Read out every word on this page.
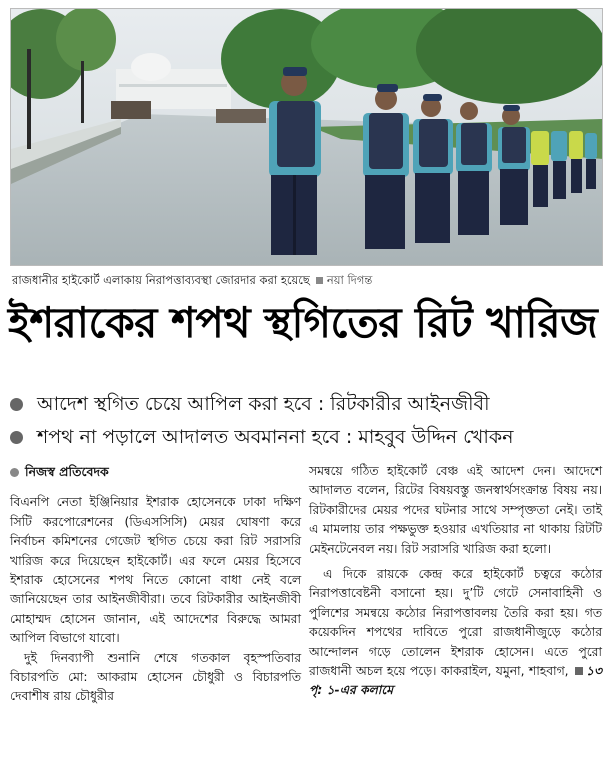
রাজধানীর হাইকোর্ট এলাকায় নিরাপত্তাব্যবস্থা জোরদার করা হয়েছে নয়া দিগন্ত
ইশরাকের শপথ স্থগিতের রিট খারিজ
আদেশ স্থগিত চেয়ে আপিল করা হবে : রিটকারীর আইনজীবী
শপথ না পড়ালে আদালত অবমাননা হবে : মাহবুব উদ্দিন খোকন
নিজস্ব প্রতিবেদক

বিএনপি নেতা ইঞ্জিনিয়ার ইশরাক হোসেনকে ঢাকা দক্ষিণ সিটি করপোরেশনের (ডিএসসিসি) মেয়র ঘোষণা করে নির্বাচন কমিশনের গেজেট স্থগিত চেয়ে করা রিট সরাসরি খারিজ করে দিয়েছেন হাইকোর্ট। এর ফলে মেয়র হিসেবে ইশরাক হোসেনের শপথ নিতে কোনো বাধা নেই বলে জানিয়েছেন তার আইনজীবীরা। তবে রিটকারীর আইনজীবী মোহাম্মদ হোসেন জানান, এই আদেশের বিরুদ্ধে আমরা আপিল বিভাগে যাবো।

দুই দিনব্যাপী শুনানি শেষে গতকাল বৃহস্পতিবার বিচারপতি মো: আকরাম হোসেন চৌধুরী ও বিচারপতি দেবাশীষ রায় চৌধুরীর

সমন্বয়ে গঠিত হাইকোর্ট বেঞ্চ এই আদেশ দেন। আদেশে আদালত বলেন, রিটের বিষয়বস্তু জনস্বার্থসংক্রান্ত বিষয় নয়। রিটকারীদের মেয়র পদের ঘটনার সাথে সম্পৃক্ততা নেই। তাই এ মামলায় তার পক্ষভুক্ত হওয়ার এখতিয়ার না থাকায় রিটটি মেইনটেনেবল নয়। রিট সরাসরি খারিজ করা হলো।

এ দিকে রায়কে কেন্দ্র করে হাইকোর্ট চত্বরে কঠোর নিরাপত্তাবেষ্টনী বসানো হয়। দু’টি গেটে সেনাবাহিনী ও পুলিশের সমন্বয়ে কঠোর নিরাপত্তাবলয় তৈরি করা হয়। গত কয়েকদিন শপথের দাবিতে পুরো রাজধানীজুড়ে কঠোর আন্দোলন গড়ে তোলেন ইশরাক হোসেন। এতে পুরো রাজধানী অচল হয়ে পড়ে। কাকরাইল, যমুনা, শাহবাগ, ১৩ পৃ: ১-এর কলামে
